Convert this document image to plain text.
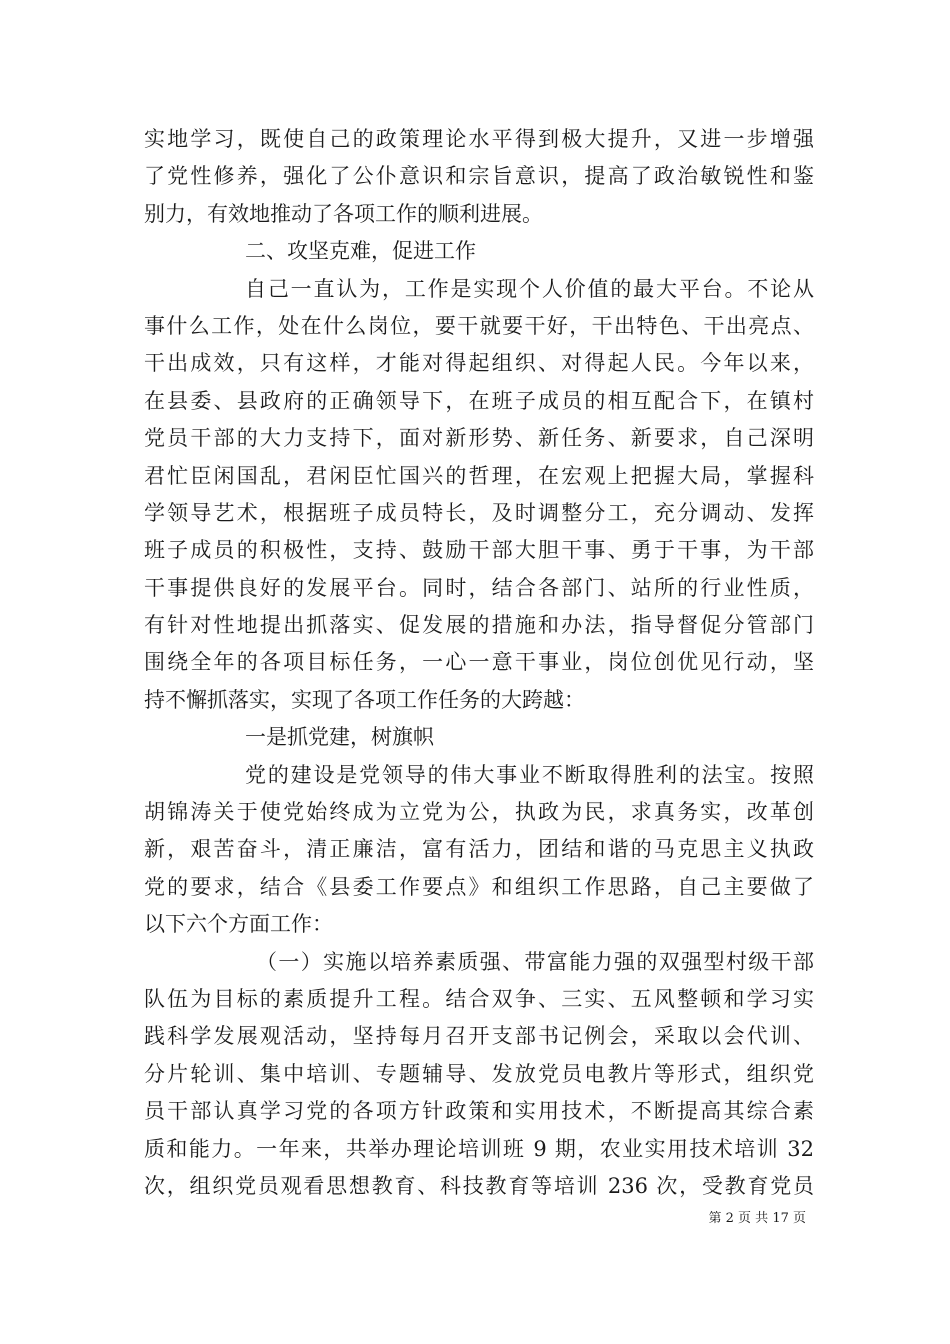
实地学习，既使自己的政策理论水平得到极大提升，又进一步增强
了党性修养，强化了公仆意识和宗旨意识，提高了政治敏锐性和鉴
别力，有效地推动了各项工作的顺利进展。
二、攻坚克难，促进工作
自己一直认为，工作是实现个人价值的最大平台。不论从
事什么工作，处在什么岗位，要干就要干好，干出特色、干出亮点、
干出成效，只有这样，才能对得起组织、对得起人民。今年以来，
在县委、县政府的正确领导下，在班子成员的相互配合下，在镇村
党员干部的大力支持下，面对新形势、新任务、新要求，自己深明
君忙臣闲国乱，君闲臣忙国兴的哲理，在宏观上把握大局，掌握科
学领导艺术，根据班子成员特长，及时调整分工，充分调动、发挥
班子成员的积极性，支持、鼓励干部大胆干事、勇于干事，为干部
干事提供良好的发展平台。同时，结合各部门、站所的行业性质，
有针对性地提出抓落实、促发展的措施和办法，指导督促分管部门
围绕全年的各项目标任务，一心一意干事业，岗位创优见行动，坚
持不懈抓落实，实现了各项工作任务的大跨越：
一是抓党建，树旗帜
党的建设是党领导的伟大事业不断取得胜利的法宝。按照
胡锦涛关于使党始终成为立党为公，执政为民，求真务实，改革创
新，艰苦奋斗，清正廉洁，富有活力，团结和谐的马克思主义执政
党的要求，结合《县委工作要点》和组织工作思路，自己主要做了
以下六个方面工作：
（一）实施以培养素质强、带富能力强的双强型村级干部
队伍为目标的素质提升工程。结合双争、三实、五风整顿和学习实
践科学发展观活动，坚持每月召开支部书记例会，采取以会代训、
分片轮训、集中培训、专题辅导、发放党员电教片等形式，组织党
员干部认真学习党的各项方针政策和实用技术，不断提高其综合素
质和能力。一年来，共举办理论培训班 9 期，农业实用技术培训 32
次，组织党员观看思想教育、科技教育等培训 236 次，受教育党员
第 2 页 共 17 页
